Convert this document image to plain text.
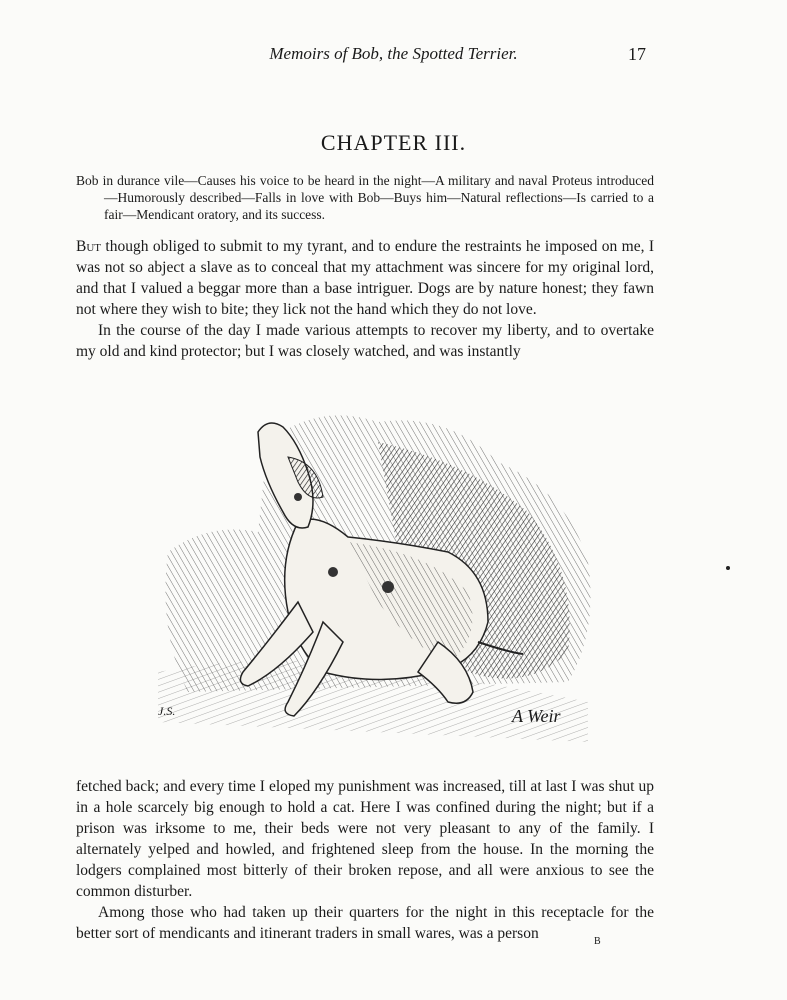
Memoirs of Bob, the Spotted Terrier.	17
CHAPTER III.

Bob in durance vile—Causes his voice to be heard in the night—A military and naval Proteus introduced—Humorously described—Falls in love with Bob—Buys him—Natural reflections—Is carried to a fair—Mendicant oratory, and its success.

But though obliged to submit to my tyrant, and to endure the restraints he imposed on me, I was not so abject a slave as to conceal that my attachment was sincere for my original lord, and that I valued a beggar more than a base intriguer. Dogs are by nature honest; they fawn not where they wish to bite; they lick not the hand which they do not love.

In the course of the day I made various attempts to recover my liberty, and to overtake my old and kind protector; but I was closely watched, and was instantly

J.S.	A Weir

fetched back; and every time I eloped my punishment was increased, till at last I was shut up in a hole scarcely big enough to hold a cat. Here I was confined during the night; but if a prison was irksome to me, their beds were not very pleasant to any of the family. I alternately yelped and howled, and frightened sleep from the house. In the morning the lodgers complained most bitterly of their broken repose, and all were anxious to see the common disturber.

Among those who had taken up their quarters for the night in this receptacle for the better sort of mendicants and itinerant traders in small wares, was a person	B
